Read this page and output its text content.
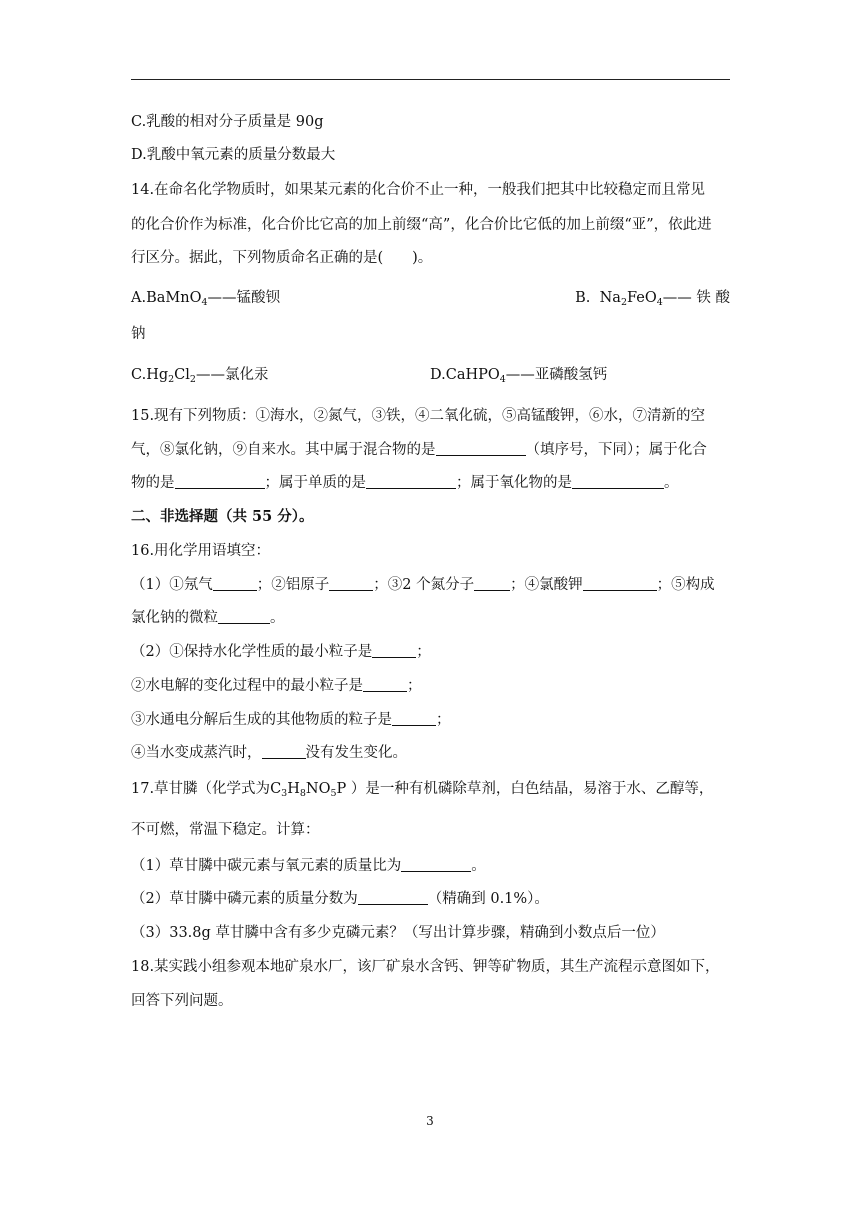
C.乳酸的相对分子质量是 90g
D.乳酸中氧元素的质量分数最大
14.在命名化学物质时，如果某元素的化合价不止一种，一般我们把其中比较稳定而且常见
的化合价作为标准，化合价比它高的加上前缀“高”，化合价比它低的加上前缀“亚”，依此进
行区分。据此，下列物质命名正确的是(　　)。
A.BaMnO$_4$——锰酸钡	B. $Na_2FeO_4——$ 铁 酸
钠
$C.Hg_2Cl_2——$氯化汞	D.CaHPO$_4$——亚磷酸氢钙
15.现有下列物质：①海水，②氮气，③铁，④二氧化硫，⑤高锰酸钾，⑥水，⑦清新的空
气，⑧氯化钠，⑨自来水。其中属于混合物的是	（填序号，下同）；属于化合
物的是	；属于单质的是	；属于氧化物的是	。
二、非选择题（共 55 分）。
16.用化学用语填空：
（1）①氖气	；②铝原子	；③2 个氮分子 ；④氯酸钾	；⑤构成
氯化钠的微粒	。
（2）①保持水化学性质的最小粒子是	；
②水电解的变化过程中的最小粒子是	；
③水通电分解后生成的其他物质的粒子是	；
④当水变成蒸汽时，	没有发生变化。
17.草甘膦（化学式为$C_3H_8NO_5P$ ）是一种有机磷除草剂，白色结晶，易溶于水、乙醇等，
不可燃，常温下稳定。计算：
（1）草甘膦中碳元素与氧元素的质量比为	。
（2）草甘膦中磷元素的质量分数为	（精确到 0.1%）。
（3）33.8g 草甘膦中含有多少克磷元素？（写出计算步骤，精确到小数点后一位）
18.某实践小组参观本地矿泉水厂，该厂矿泉水含钙、钾等矿物质，其生产流程示意图如下，
回答下列问题。
3
